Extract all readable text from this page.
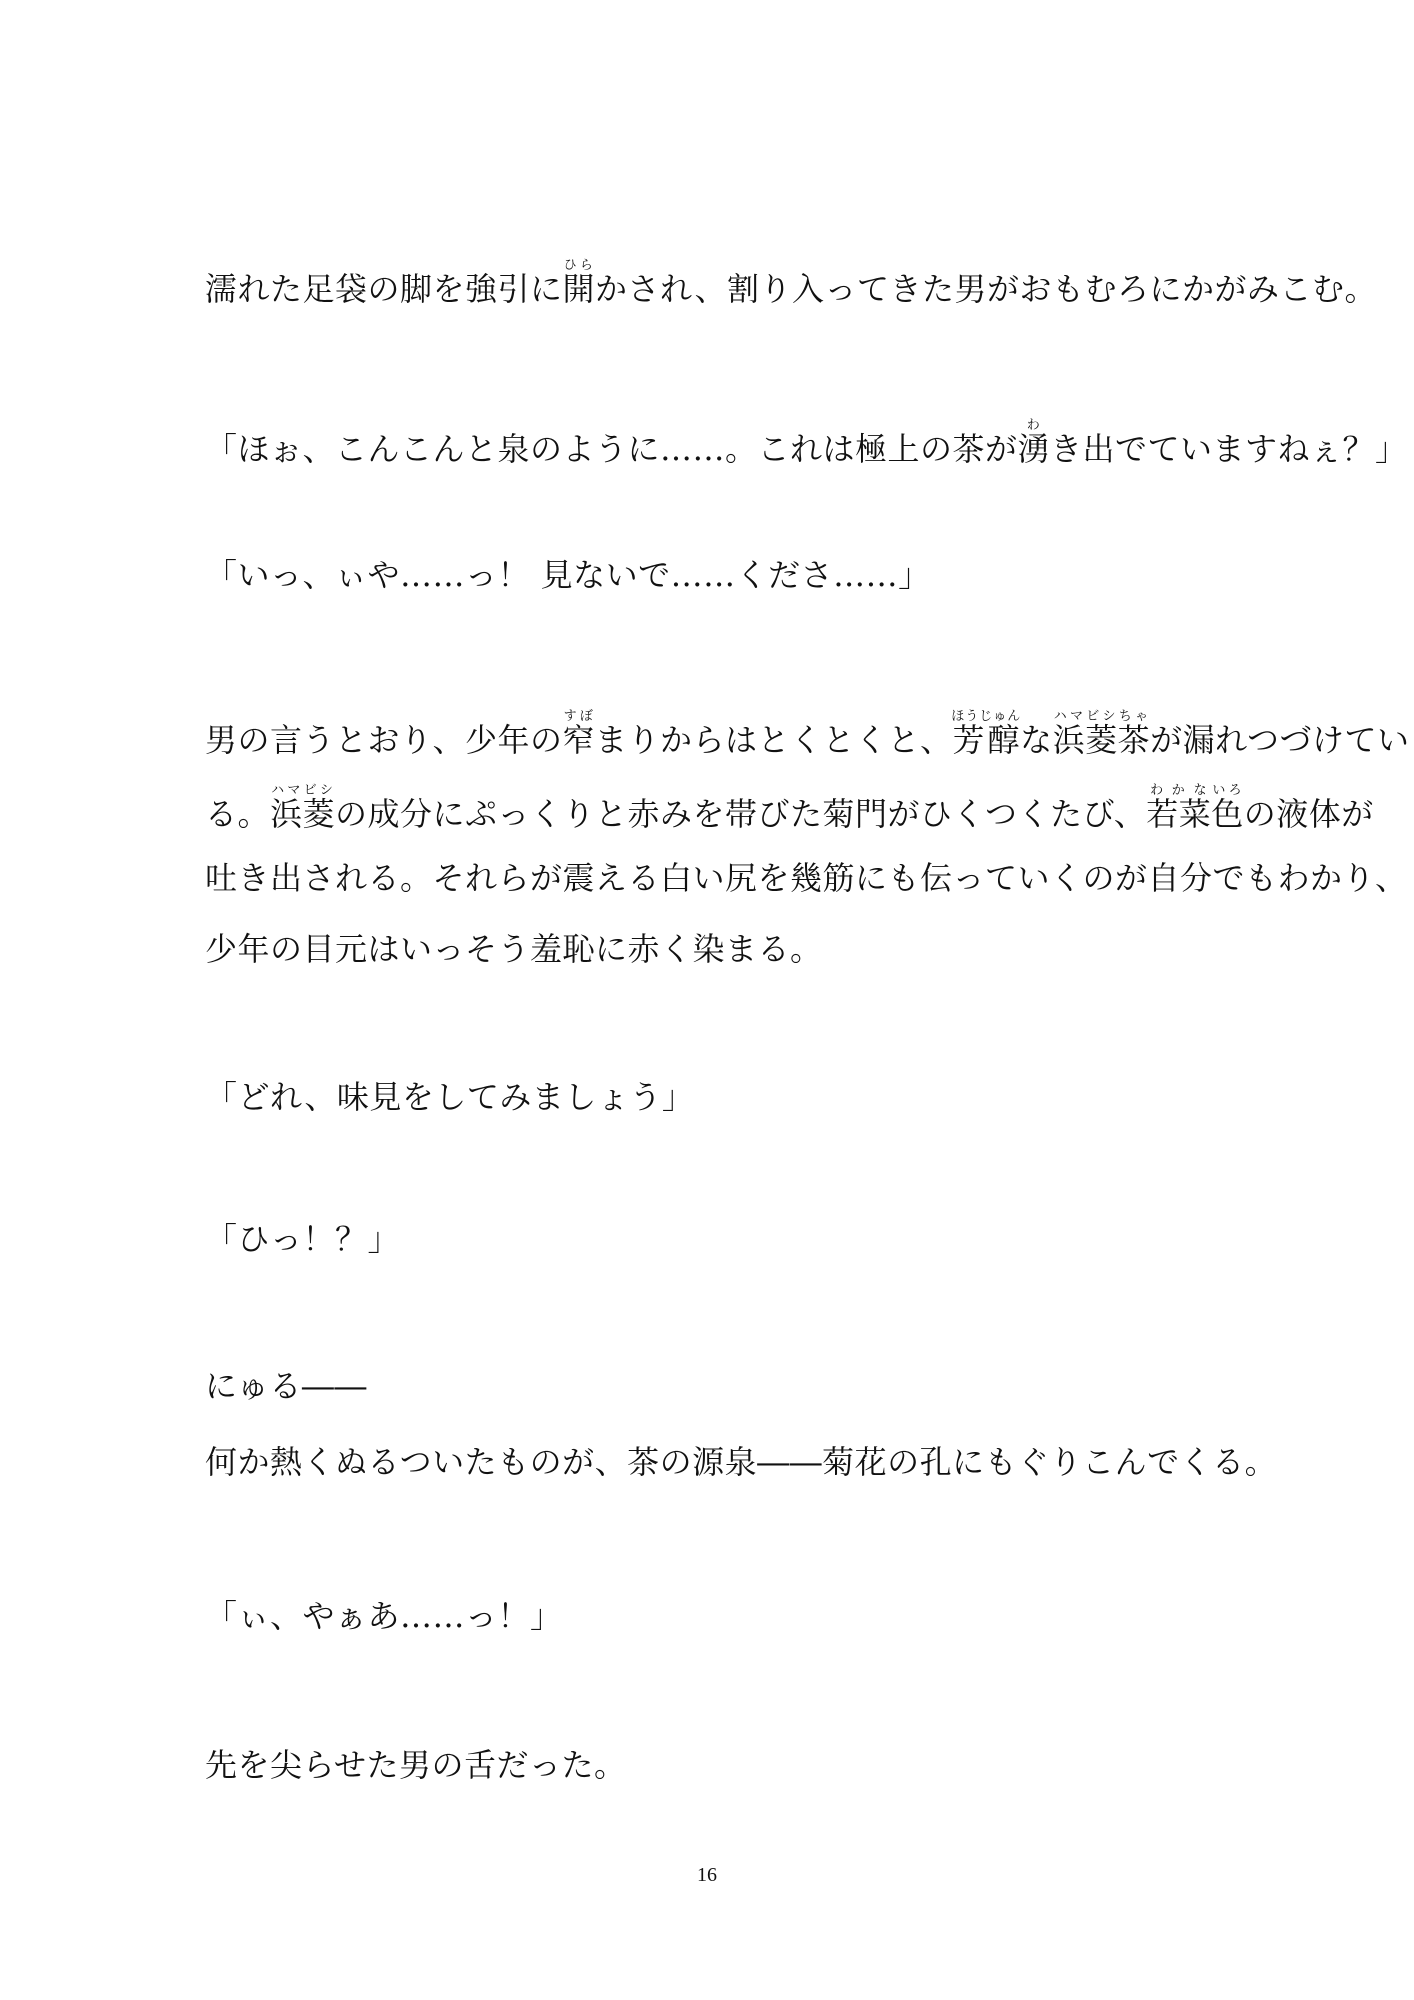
濡れた足袋の脚を強引に開ひらかされ、割り入ってきた男がおもむろにかがみこむ。
「ほぉ、こんこんと泉のように……。これは極上の茶が湧わき出でていますねぇ？」
「いっ、ぃや……っ！ 見ないで……くださ……」
男の言うとおり、少年の窄すぼまりからはとくとくと、芳醇ほうじゅんな浜菱ハマビシ茶ちゃが漏れつづけてい
る。浜菱ハマビシの成分にぷっくりと赤みを帯びた菊門がひくつくたび、若菜わかな色いろの液体が
吐き出される。それらが震える白い尻を幾筋にも伝っていくのが自分でもわかり、
少年の目元はいっそう羞恥に赤く染まる。
「どれ、味見をしてみましょう」
「ひっ！？」
にゅる――
何か熱くぬるついたものが、茶の源泉――菊花の孔にもぐりこんでくる。
「ぃ、やぁあ……っ！」
先を尖らせた男の舌だった。
16
